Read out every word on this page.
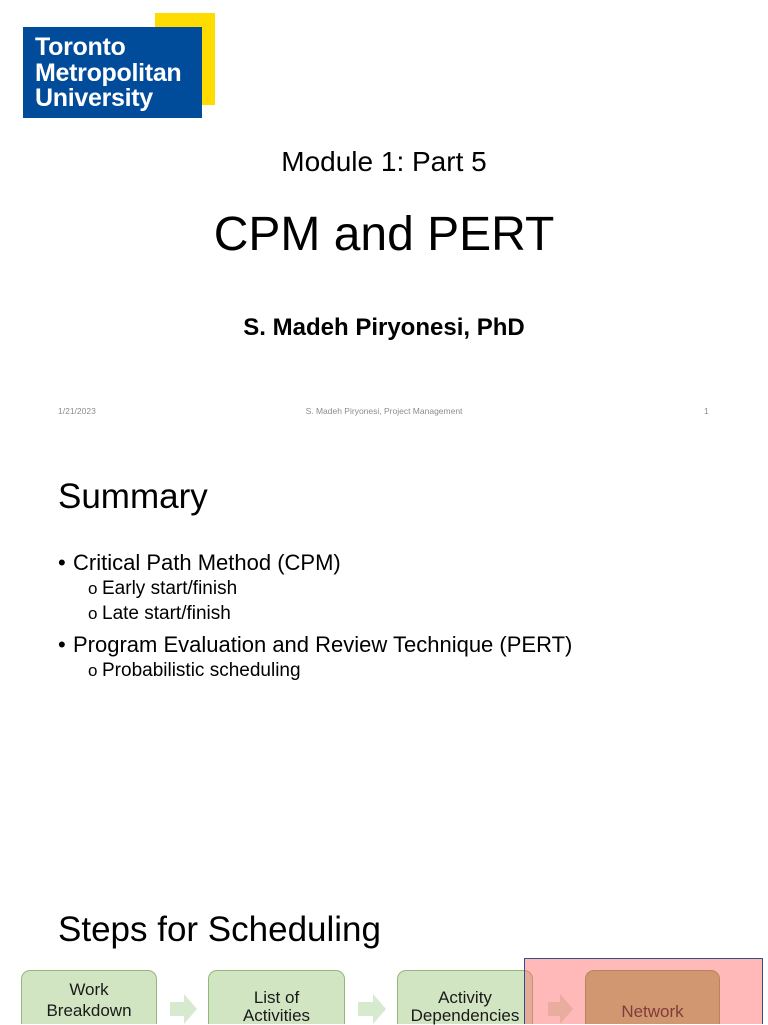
Toronto
Metropolitan
University
Module 1: Part 5
CPM and PERT
S. Madeh Piryonesi, PhD
1/21/2023	S. Madeh Piryonesi, Project Management	1
Summary
• Critical Path Method (CPM)
o Early start/finish
o Late start/finish
• Program Evaluation and Review Technique (PERT)
o Probabilistic scheduling
Steps for Scheduling
Work
Breakdown
List of
Activities
Activity
Dependencies	Network
